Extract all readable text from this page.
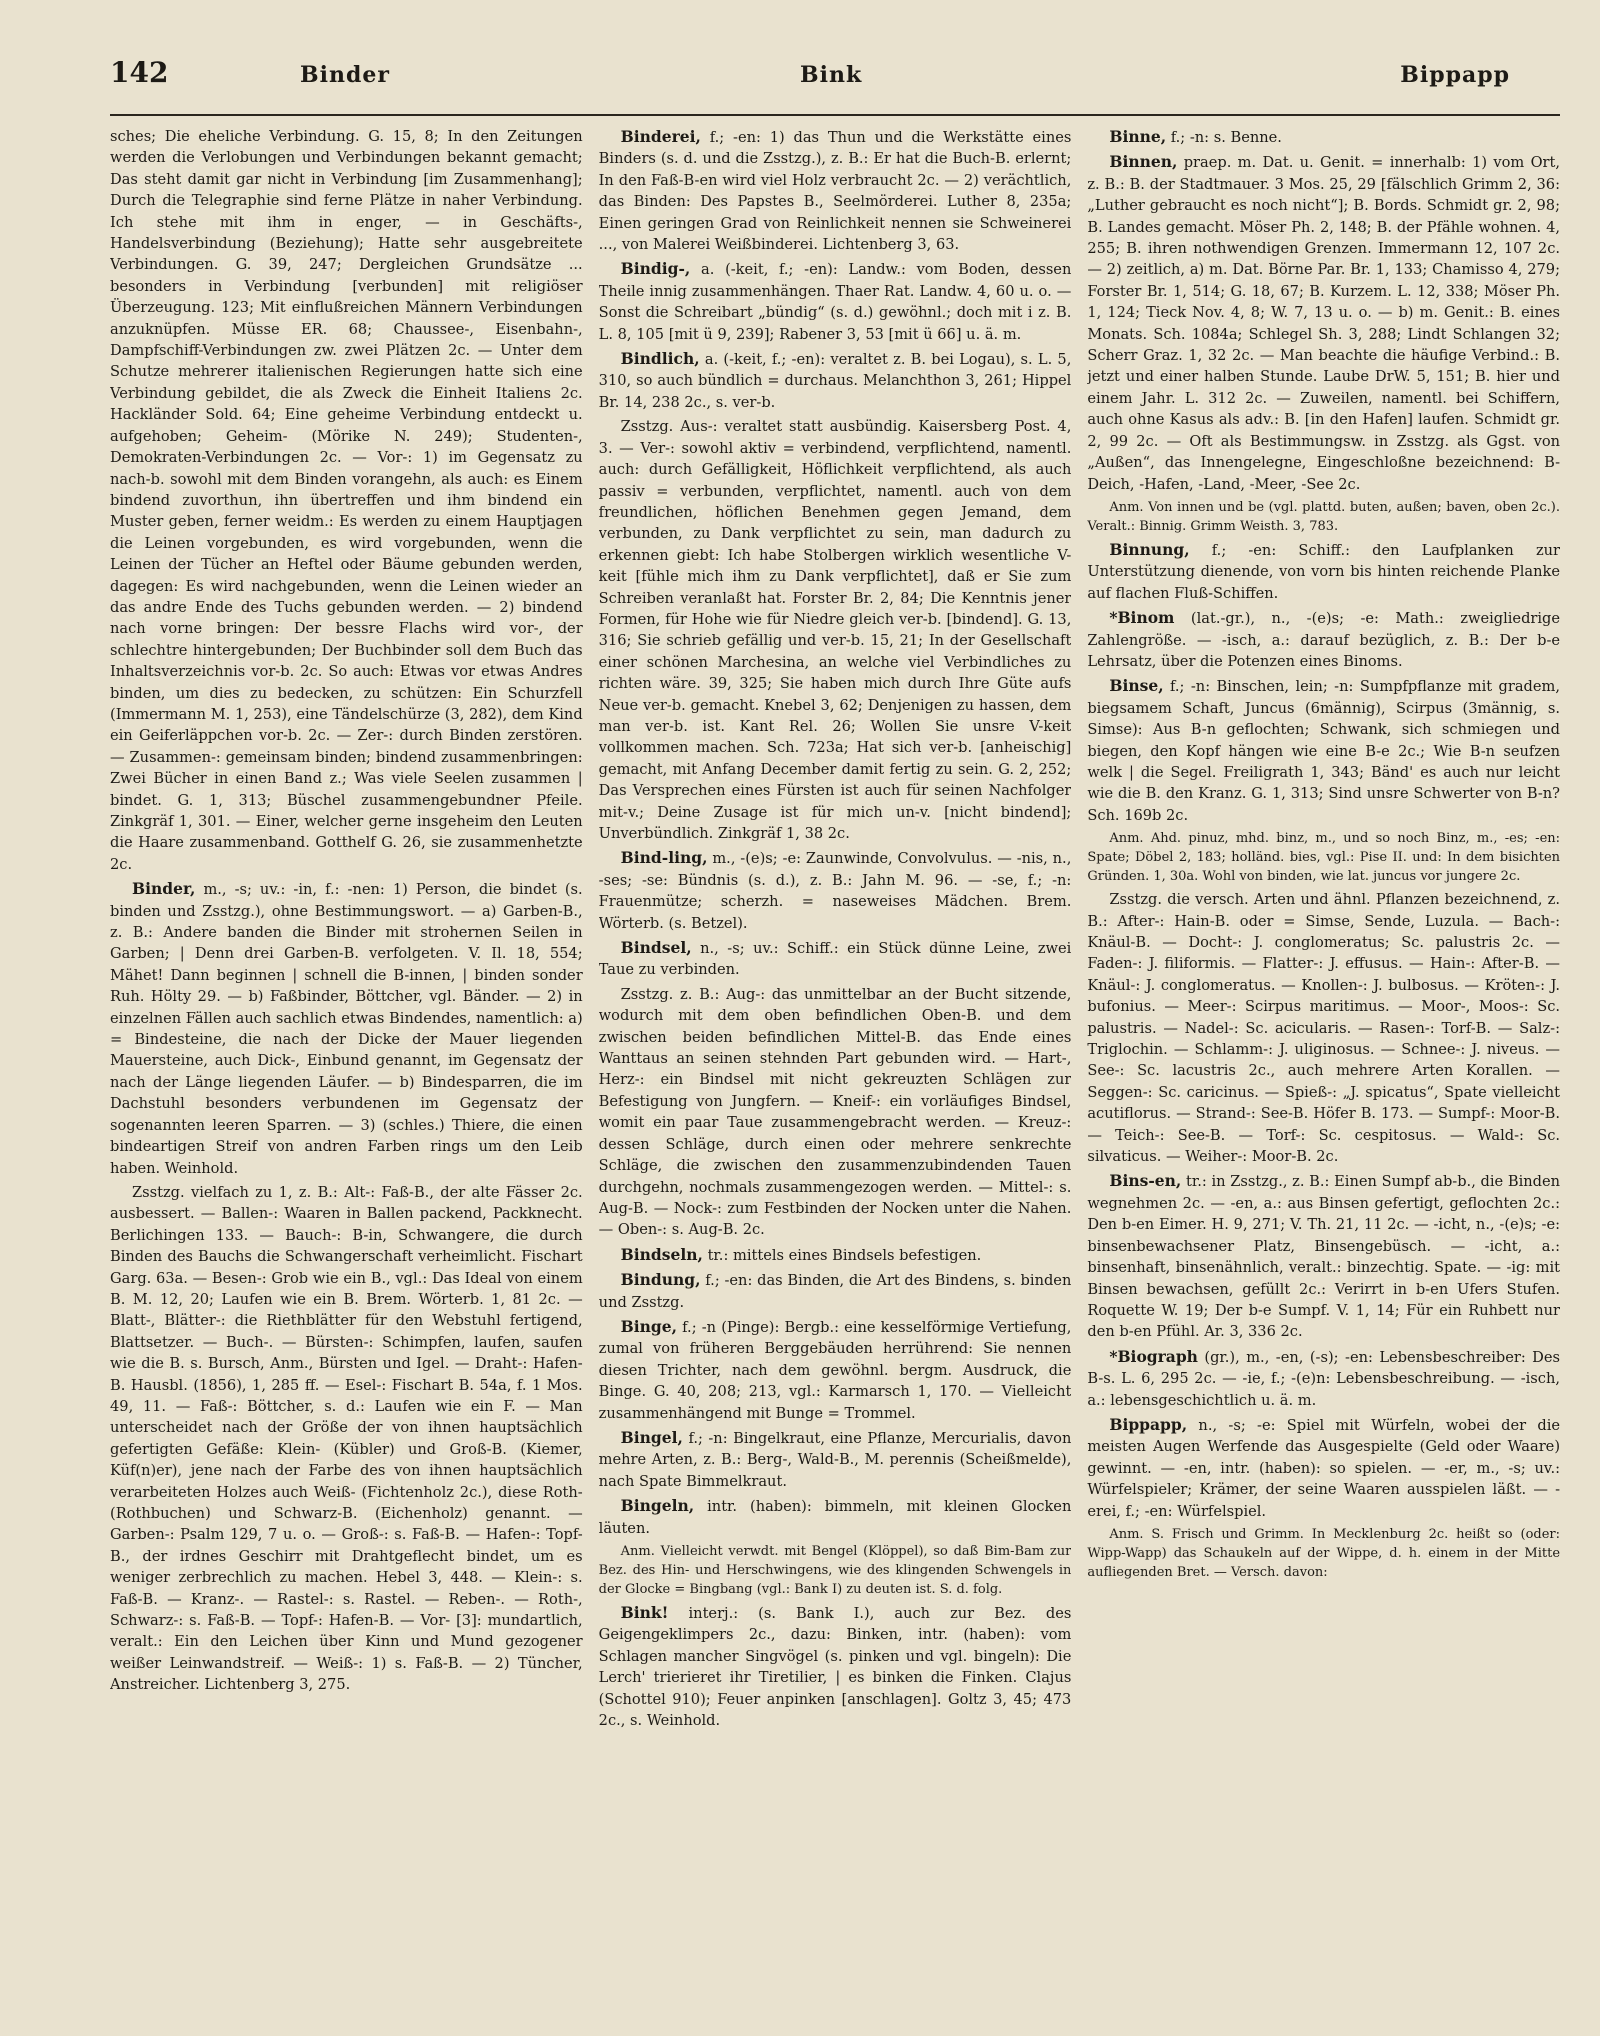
142	Binder	Bink	Bippapp

sches; Die eheliche Verbindung. G. 15, 8; In den Zeitungen werden die Verlobungen und Verbindungen bekannt gemacht; Das steht damit gar nicht in Verbindung [im Zusammenhang]; Durch die Telegraphie sind ferne Plätze in naher Verbindung. Ich stehe mit ihm in enger, — in Geschäfts-, Handelsverbindung (Beziehung); Hatte sehr ausgebreitete Verbindungen. G. 39, 247; Dergleichen Grundsätze ... besonders in Verbindung [verbunden] mit religiöser Überzeugung. 123; Mit einflußreichen Männern Verbindungen anzuknüpfen. Müsse ER. 68; Chaussee-, Eisenbahn-, Dampfschiff-Verbindungen zw. zwei Plätzen 2c. — Unter dem Schutze mehrerer italienischen Regierungen hatte sich eine Verbindung gebildet, die als Zweck die Einheit Italiens 2c. Hackländer Sold. 64; Eine geheime Verbindung entdeckt u. aufgehoben; Geheim- (Mörike N. 249); Studenten-, Demokraten-Verbindungen 2c. — Vor-: 1) im Gegensatz zu nach-b. sowohl mit dem Binden vorangehn, als auch: es Einem bindend zuvorthun, ihn übertreffen und ihm bindend ein Muster geben, ferner weidm.: Es werden zu einem Hauptjagen die Leinen vorgebunden, es wird vorgebunden, wenn die Leinen der Tücher an Heftel oder Bäume gebunden werden, dagegen: Es wird nachgebunden, wenn die Leinen wieder an das andre Ende des Tuchs gebunden werden. — 2) bindend nach vorne bringen: Der bessre Flachs wird vor-, der schlechtre hintergebunden; Der Buchbinder soll dem Buch das Inhaltsverzeichnis vor-b. 2c. So auch: Etwas vor etwas Andres binden, um dies zu bedecken, zu schützen: Ein Schurzfell (Immermann M. 1, 253), eine Tändelschürze (3, 282), dem Kind ein Geiferläppchen vor-b. 2c. — Zer-: durch Binden zerstören. — Zusammen-: gemeinsam binden; bindend zusammenbringen: Zwei Bücher in einen Band z.; Was viele Seelen zusammen | bindet. G. 1, 313; Büschel zusammengebundner Pfeile. Zinkgräf 1, 301. — Einer, welcher gerne insgeheim den Leuten die Haare zusammenband. Gotthelf G. 26, sie zusammenhetzte 2c.

Binder, m., -s; uv.: -in, f.: -nen: 1) Person, die bindet (s. binden und Zsstzg.), ohne Bestimmungswort. — a) Garben-B., z. B.: Andere banden die Binder mit strohernen Seilen in Garben; | Denn drei Garben-B. verfolgeten. V. Il. 18, 554; Mähet! Dann beginnen | schnell die B-innen, | binden sonder Ruh. Hölty 29. — b) Faßbinder, Böttcher, vgl. Bänder. — 2) in einzelnen Fällen auch sachlich etwas Bindendes, namentlich: a) = Bindesteine, die nach der Dicke der Mauer liegenden Mauersteine, auch Dick-, Einbund genannt, im Gegensatz der nach der Länge liegenden Läufer. — b) Bindesparren, die im Dachstuhl besonders verbundenen im Gegensatz der sogenannten leeren Sparren. — 3) (schles.) Thiere, die einen bindeartigen Streif von andren Farben rings um den Leib haben. Weinhold.

Zsstzg. vielfach zu 1, z. B.: Alt-: Faß-B., der alte Fässer 2c. ausbessert. — Ballen-: Waaren in Ballen packend, Packknecht. Berlichingen 133. — Bauch-: B-in, Schwangere, die durch Binden des Bauchs die Schwangerschaft verheimlicht. Fischart Garg. 63a. — Besen-: Grob wie ein B., vgl.: Das Ideal von einem B. M. 12, 20; Laufen wie ein B. Brem. Wörterb. 1, 81 2c. — Blatt-, Blätter-: die Riethblätter für den Webstuhl fertigend, Blattsetzer. — Buch-. — Bürsten-: Schimpfen, laufen, saufen wie die B. s. Bursch, Anm., Bürsten und Igel. — Draht-: Hafen-B. Hausbl. (1856), 1, 285 ff. — Esel-: Fischart B. 54a, f. 1 Mos. 49, 11. — Faß-: Böttcher, s. d.: Laufen wie ein F. — Man unterscheidet nach der Größe der von ihnen hauptsächlich gefertigten Gefäße: Klein- (Kübler) und Groß-B. (Kiemer, Küf(n)er), jene nach der Farbe des von ihnen hauptsächlich verarbeiteten Holzes auch Weiß- (Fichtenholz 2c.), diese Roth- (Rothbuchen) und Schwarz-B. (Eichenholz) genannt. — Garben-: Psalm 129, 7 u. o. — Groß-: s. Faß-B. — Hafen-: Topf-B., der irdnes Geschirr mit Drahtgeflecht bindet, um es weniger zerbrechlich zu machen. Hebel 3, 448. — Klein-: s. Faß-B. — Kranz-. — Rastel-: s. Rastel. — Reben-. — Roth-, Schwarz-: s. Faß-B. — Topf-: Hafen-B. — Vor- [3]: mundartlich, veralt.: Ein den Leichen über Kinn und Mund gezogener weißer Leinwandstreif. — Weiß-: 1) s. Faß-B. — 2) Tüncher, Anstreicher. Lichtenberg 3, 275.

Binderei, f.; -en: 1) das Thun und die Werkstätte eines Binders (s. d. und die Zsstzg.), z. B.: Er hat die Buch-B. erlernt; In den Faß-B-en wird viel Holz verbraucht 2c. — 2) verächtlich, das Binden: Des Papstes B., Seelmörderei. Luther 8, 235a; Einen geringen Grad von Reinlichkeit nennen sie Schweinerei ..., von Malerei Weißbinderei. Lichtenberg 3, 63.

Bindig-, a. (-keit, f.; -en): Landw.: vom Boden, dessen Theile innig zusammenhängen. Thaer Rat. Landw. 4, 60 u. o. — Sonst die Schreibart „bündig“ (s. d.) gewöhnl.; doch mit i z. B. L. 8, 105 [mit ü 9, 239]; Rabener 3, 53 [mit ü 66] u. ä. m.

Bindlich, a. (-keit, f.; -en): veraltet z. B. bei Logau), s. L. 5, 310, so auch bündlich = durchaus. Melanchthon 3, 261; Hippel Br. 14, 238 2c., s. ver-b.

Zsstzg. Aus-: veraltet statt ausbündig. Kaisersberg Post. 4, 3. — Ver-: sowohl aktiv = verbindend, verpflichtend, namentl. auch: durch Gefälligkeit, Höflichkeit verpflichtend, als auch passiv = verbunden, verpflichtet, namentl. auch von dem freundlichen, höflichen Benehmen gegen Jemand, dem verbunden, zu Dank verpflichtet zu sein, man dadurch zu erkennen giebt: Ich habe Stolbergen wirklich wesentliche V-keit [fühle mich ihm zu Dank verpflichtet], daß er Sie zum Schreiben veranlaßt hat. Forster Br. 2, 84; Die Kenntnis jener Formen, für Hohe wie für Niedre gleich ver-b. [bindend]. G. 13, 316; Sie schrieb gefällig und ver-b. 15, 21; In der Gesellschaft einer schönen Marchesina, an welche viel Verbindliches zu richten wäre. 39, 325; Sie haben mich durch Ihre Güte aufs Neue ver-b. gemacht. Knebel 3, 62; Denjenigen zu hassen, dem man ver-b. ist. Kant Rel. 26; Wollen Sie unsre V-keit vollkommen machen. Sch. 723a; Hat sich ver-b. [anheischig] gemacht, mit Anfang December damit fertig zu sein. G. 2, 252; Das Versprechen eines Fürsten ist auch für seinen Nachfolger mit-v.; Deine Zusage ist für mich un-v. [nicht bindend]; Unverbündlich. Zinkgräf 1, 38 2c.

Bind-ling, m., -(e)s; -e: Zaunwinde, Convolvulus. — -nis, n., -ses; -se: Bündnis (s. d.), z. B.: Jahn M. 96. — -se, f.; -n: Frauenmütze; scherzh. = naseweises Mädchen. Brem. Wörterb. (s. Betzel).

Bindsel, n., -s; uv.: Schiff.: ein Stück dünne Leine, zwei Taue zu verbinden.

Zsstzg. z. B.: Aug-: das unmittelbar an der Bucht sitzende, wodurch mit dem oben befindlichen Oben-B. und dem zwischen beiden befindlichen Mittel-B. das Ende eines Wanttaus an seinen stehnden Part gebunden wird. — Hart-, Herz-: ein Bindsel mit nicht gekreuzten Schlägen zur Befestigung von Jungfern. — Kneif-: ein vorläufiges Bindsel, womit ein paar Taue zusammengebracht werden. — Kreuz-: dessen Schläge, durch einen oder mehrere senkrechte Schläge, die zwischen den zusammenzubindenden Tauen durchgehn, nochmals zusammengezogen werden. — Mittel-: s. Aug-B. — Nock-: zum Festbinden der Nocken unter die Nahen. — Oben-: s. Aug-B. 2c.

Bindseln, tr.: mittels eines Bindsels befestigen.

Bindung, f.; -en: das Binden, die Art des Bindens, s. binden und Zsstzg.

Binge, f.; -n (Pinge): Bergb.: eine kesselförmige Vertiefung, zumal von früheren Berggebäuden herrührend: Sie nennen diesen Trichter, nach dem gewöhnl. bergm. Ausdruck, die Binge. G. 40, 208; 213, vgl.: Karmarsch 1, 170. — Vielleicht zusammenhängend mit Bunge = Trommel.

Bingel, f.; -n: Bingelkraut, eine Pflanze, Mercurialis, davon mehre Arten, z. B.: Berg-, Wald-B., M. perennis (Scheißmelde), nach Spate Bimmelkraut.

Bingeln, intr. (haben): bimmeln, mit kleinen Glocken läuten.

Anm. Vielleicht verwdt. mit Bengel (Klöppel), so daß Bim-Bam zur Bez. des Hin- und Herschwingens, wie des klingenden Schwengels in der Glocke = Bingbang (vgl.: Bank I) zu deuten ist. S. d. folg.

Bink! interj.: (s. Bank I.), auch zur Bez. des Geigengeklimpers 2c., dazu: Binken, intr. (haben): vom Schlagen mancher Singvögel (s. pinken und vgl. bingeln): Die Lerch' trierieret ihr Tiretilier, | es binken die Finken. Clajus (Schottel 910); Feuer anpinken [anschlagen]. Goltz 3, 45; 473 2c., s. Weinhold.

Binne, f.; -n: s. Benne.

Binnen, praep. m. Dat. u. Genit. = innerhalb: 1) vom Ort, z. B.: B. der Stadtmauer. 3 Mos. 25, 29 [fälschlich Grimm 2, 36: „Luther gebraucht es noch nicht“]; B. Bords. Schmidt gr. 2, 98; B. Landes gemacht. Möser Ph. 2, 148; B. der Pfähle wohnen. 4, 255; B. ihren nothwendigen Grenzen. Immermann 12, 107 2c. — 2) zeitlich, a) m. Dat. Börne Par. Br. 1, 133; Chamisso 4, 279; Forster Br. 1, 514; G. 18, 67; B. Kurzem. L. 12, 338; Möser Ph. 1, 124; Tieck Nov. 4, 8; W. 7, 13 u. o. — b) m. Genit.: B. eines Monats. Sch. 1084a; Schlegel Sh. 3, 288; Lindt Schlangen 32; Scherr Graz. 1, 32 2c. — Man beachte die häufige Verbind.: B. jetzt und einer halben Stunde. Laube DrW. 5, 151; B. hier und einem Jahr. L. 312 2c. — Zuweilen, namentl. bei Schiffern, auch ohne Kasus als adv.: B. [in den Hafen] laufen. Schmidt gr. 2, 99 2c. — Oft als Bestimmungsw. in Zsstzg. als Ggst. von „Außen“, das Innengelegne, Eingeschloßne bezeichnend: B-Deich, -Hafen, -Land, -Meer, -See 2c.

Anm. Von innen und be (vgl. plattd. buten, außen; baven, oben 2c.). Veralt.: Binnig. Grimm Weisth. 3, 783.

Binnung, f.; -en: Schiff.: den Laufplanken zur Unterstützung dienende, von vorn bis hinten reichende Planke auf flachen Fluß-Schiffen.

*Binom (lat.-gr.), n., -(e)s; -e: Math.: zweigliedrige Zahlengröße. — -isch, a.: darauf bezüglich, z. B.: Der b-e Lehrsatz, über die Potenzen eines Binoms.

Binse, f.; -n: Binschen, lein; -n: Sumpfpflanze mit gradem, biegsamem Schaft, Juncus (6männig), Scirpus (3männig, s. Simse): Aus B-n geflochten; Schwank, sich schmiegen und biegen, den Kopf hängen wie eine B-e 2c.; Wie B-n seufzen welk | die Segel. Freiligrath 1, 343; Bänd' es auch nur leicht wie die B. den Kranz. G. 1, 313; Sind unsre Schwerter von B-n? Sch. 169b 2c.

Anm. Ahd. pinuz, mhd. binz, m., und so noch Binz, m., -es; -en: Spate; Döbel 2, 183; holländ. bies, vgl.: Pise II. und: In dem bisichten Gründen. 1, 30a. Wohl von binden, wie lat. juncus vor jungere 2c.

Zsstzg. die versch. Arten und ähnl. Pflanzen bezeichnend, z. B.: After-: Hain-B. oder = Simse, Sende, Luzula. — Bach-: Knäul-B. — Docht-: J. conglomeratus; Sc. palustris 2c. — Faden-: J. filiformis. — Flatter-: J. effusus. — Hain-: After-B. — Knäul-: J. conglomeratus. — Knollen-: J. bulbosus. — Kröten-: J. bufonius. — Meer-: Scirpus maritimus. — Moor-, Moos-: Sc. palustris. — Nadel-: Sc. acicularis. — Rasen-: Torf-B. — Salz-: Triglochin. — Schlamm-: J. uliginosus. — Schnee-: J. niveus. — See-: Sc. lacustris 2c., auch mehrere Arten Korallen. — Seggen-: Sc. caricinus. — Spieß-: „J. spicatus“, Spate vielleicht acutiflorus. — Strand-: See-B. Höfer B. 173. — Sumpf-: Moor-B. — Teich-: See-B. — Torf-: Sc. cespitosus. — Wald-: Sc. silvaticus. — Weiher-: Moor-B. 2c.

Bins-en, tr.: in Zsstzg., z. B.: Einen Sumpf ab-b., die Binden wegnehmen 2c. — -en, a.: aus Binsen gefertigt, geflochten 2c.: Den b-en Eimer. H. 9, 271; V. Th. 21, 11 2c. — -icht, n., -(e)s; -e: binsenbewachsener Platz, Binsengebüsch. — -icht, a.: binsenhaft, binsenähnlich, veralt.: binzechtig. Spate. — -ig: mit Binsen bewachsen, gefüllt 2c.: Verirrt in b-en Ufers Stufen. Roquette W. 19; Der b-e Sumpf. V. 1, 14; Für ein Ruhbett nur den b-en Pfühl. Ar. 3, 336 2c.

*Biograph (gr.), m., -en, (-s); -en: Lebensbeschreiber: Des B-s. L. 6, 295 2c. — -ie, f.; -(e)n: Lebensbeschreibung. — -isch, a.: lebensgeschichtlich u. ä. m.

Bippapp, n., -s; -e: Spiel mit Würfeln, wobei der die meisten Augen Werfende das Ausgespielte (Geld oder Waare) gewinnt. — -en, intr. (haben): so spielen. — -er, m., -s; uv.: Würfelspieler; Krämer, der seine Waaren ausspielen läßt. — -erei, f.; -en: Würfelspiel.

Anm. S. Frisch und Grimm. In Mecklenburg 2c. heißt so (oder: Wipp-Wapp) das Schaukeln auf der Wippe, d. h. einem in der Mitte aufliegenden Bret. — Versch. davon:
